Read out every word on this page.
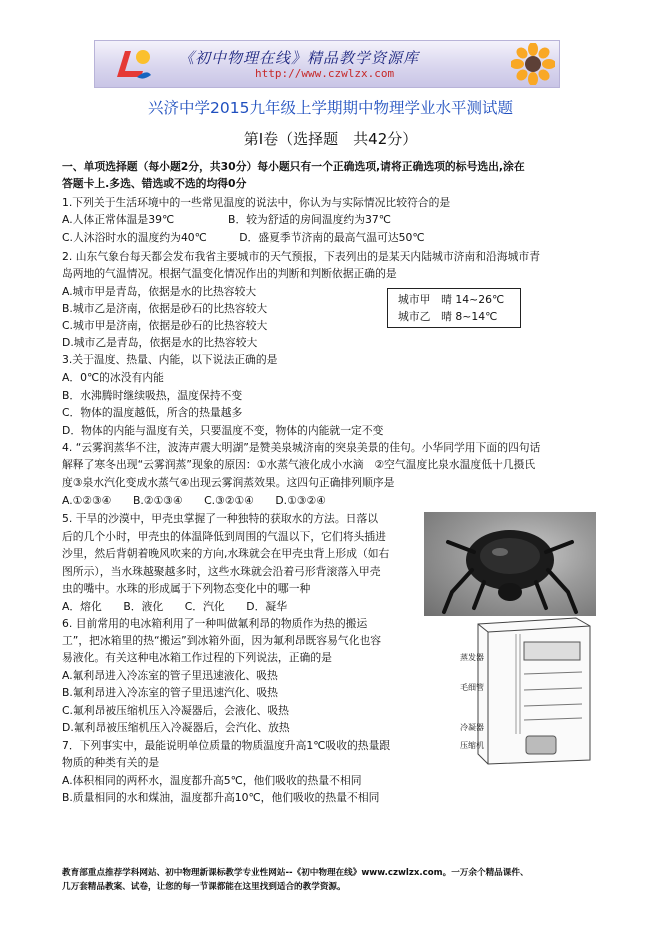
《初中物理在线》精品教学资源库
http://www.czwlzx.com
兴济中学2015九年级上学期期中物理学业水平测试题
第Ⅰ卷（选择题　共42分）
一、单项选择题（每小题2分，共30分）每小题只有一个正确选项,请将正确选项的标号选出,涂在
答题卡上.多选、错选或不选的均得0分
1.下列关于生活环境中的一些常见温度的说法中，你认为与实际情况比较符合的是
A.人体正常体温是39℃　　　　　B．较为舒适的房间温度约为37℃
C.人沐浴时水的温度约为40℃　　　D．盛夏季节济南的最高气温可达50℃
2. 山东气象台每天都会发布我省主要城市的天气预报，下表列出的是某天内陆城市济南和沿海城市青
岛两地的气温情况。根据气温变化情况作出的判断和判断依据正确的是
A.城市甲是青岛，依据是水的比热容较大
B.城市乙是济南，依据是砂石的比热容较大
C.城市甲是济南，依据是砂石的比热容较大
D.城市乙是青岛，依据是水的比热容较大
城市甲　晴 14~26℃
城市乙　晴 8~14℃
3.关于温度、热量、内能，以下说法正确的是
A．0℃的冰没有内能
B．水沸腾时继续吸热，温度保持不变
C．物体的温度越低，所含的热量越多
D．物体的内能与温度有关，只要温度不变，物体的内能就一定不变
4. “云雾润蒸华不注，波涛声震大明湖”是赞美泉城济南的突泉美景的佳句。小华同学用下面的四句话
解释了寒冬出现“云雾润蒸”现象的原因：①水蒸气液化成小水滴　②空气温度比泉水温度低十几摄氏
度③泉水汽化变成水蒸气④出现云雾润蒸效果。这四句正确排列顺序是
A.①②③④　　B.②①③④　　C.③②①④　　D.①③②④
5. 干旱的沙漠中，甲壳虫掌握了一种独特的获取水的方法。日落以
后的几个小时，甲壳虫的体温降低到周围的气温以下，它们将头插进
沙里，然后背朝着晚风吹来的方向,水珠就会在甲壳虫背上形成（如右
图所示），当水珠越聚越多时，这些水珠就会沿着弓形背滚落入甲壳
虫的嘴中。水珠的形成属于下列物态变化中的哪一种
A．熔化　　B．液化　　C．汽化　　D．凝华
6. 目前常用的电冰箱利用了一种叫做氟利昂的物质作为热的搬运
工”，把冰箱里的热“搬运”到冰箱外面，因为氟利昂既容易气化也容
易液化。有关这种电冰箱工作过程的下列说法，正确的是
A.氟利昂进入冷冻室的管子里迅速液化、吸热
B.氟利昂进入冷冻室的管子里迅速汽化、吸热
C.氟利昂被压缩机压入冷凝器后，会液化、吸热
D.氟利昂被压缩机压入冷凝器后，会汽化、放热
蒸发器
毛细管
冷凝器
压缩机
7．下列事实中，最能说明单位质量的物质温度升高1℃吸收的热量跟
物质的种类有关的是
A.体积相同的两杯水，温度都升高5℃，他们吸收的热量不相同
B.质量相同的水和煤油，温度都升高10℃，他们吸收的热量不相同
教育部重点推荐学科网站、初中物理新课标教学专业性网站--《初中物理在线》www.czwlzx.com。一万余个精品课件、
几万套精品教案、试卷，让您的每一节课都能在这里找到适合的教学资源。
